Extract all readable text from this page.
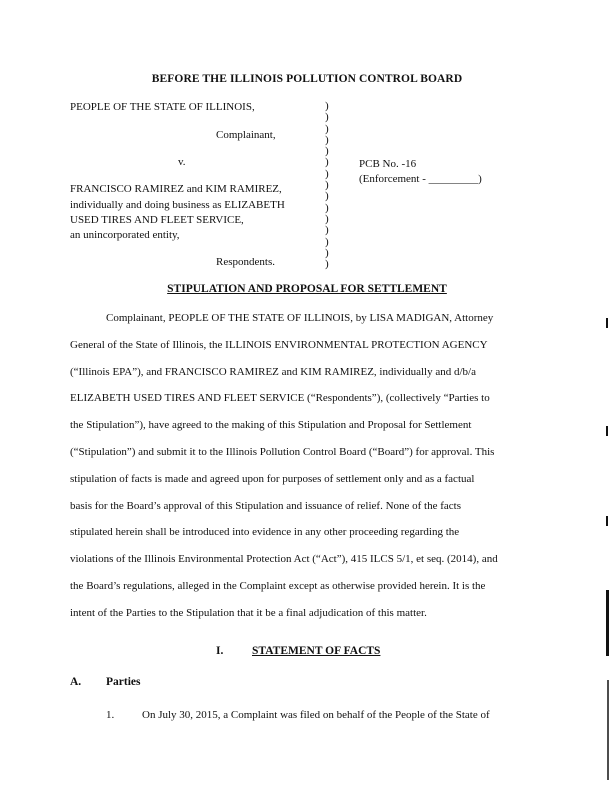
BEFORE THE ILLINOIS POLLUTION CONTROL BOARD
PEOPLE OF THE STATE OF ILLINOIS,
Complainant,
v.
FRANCISCO RAMIREZ and KIM RAMIREZ,
individually and doing business as ELIZABETH
USED TIRES AND FLEET SERVICE,
an unincorporated entity,
Respondents.
)
)
)
)
)
)
)
)
)
)
)
)
)
)
)
PCB No. -16
(Enforcement - _________)
STIPULATION AND PROPOSAL FOR SETTLEMENT
Complainant, PEOPLE OF THE STATE OF ILLINOIS, by LISA MADIGAN, Attorney
General of the State of Illinois, the ILLINOIS ENVIRONMENTAL PROTECTION AGENCY
(“Illinois EPA”), and FRANCISCO RAMIREZ and KIM RAMIREZ, individually and d/b/a
ELIZABETH USED TIRES AND FLEET SERVICE (“Respondents”), (collectively “Parties to
the Stipulation”), have agreed to the making of this Stipulation and Proposal for Settlement
(“Stipulation”) and submit it to the Illinois Pollution Control Board (“Board”) for approval. This
stipulation of facts is made and agreed upon for purposes of settlement only and as a factual
basis for the Board’s approval of this Stipulation and issuance of relief. None of the facts
stipulated herein shall be introduced into evidence in any other proceeding regarding the
violations of the Illinois Environmental Protection Act (“Act”), 415 ILCS 5/1, et seq. (2014), and
the Board’s regulations, alleged in the Complaint except as otherwise provided herein. It is the
intent of the Parties to the Stipulation that it be a final adjudication of this matter.
I. STATEMENT OF FACTS
A. Parties
1.	On July 30, 2015, a Complaint was filed on behalf of the People of the State of
